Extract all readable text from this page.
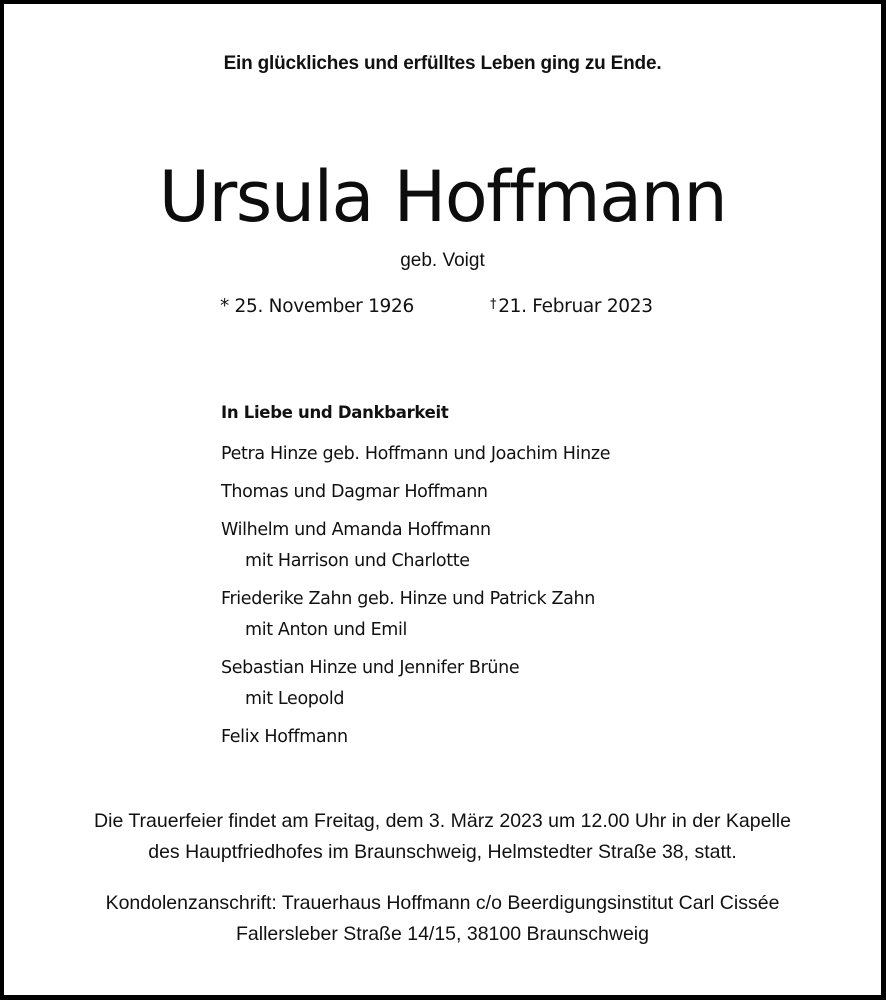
Ein glückliches und erfülltes Leben ging zu Ende.
Ursula Hoffmann
geb. Voigt
* 25. November 1926	† 21. Februar 2023
In Liebe und Dankbarkeit
Petra Hinze geb. Hoffmann und Joachim Hinze
Thomas und Dagmar Hoffmann
Wilhelm und Amanda Hoffmann
mit Harrison und Charlotte
Friederike Zahn geb. Hinze und Patrick Zahn
mit Anton und Emil
Sebastian Hinze und Jennifer Brüne
mit Leopold
Felix Hoffmann
Die Trauerfeier findet am Freitag, dem 3. März 2023 um 12.00 Uhr in der Kapelle
des Hauptfriedhofes im Braunschweig, Helmstedter Straße 38, statt.
Kondolenzanschrift: Trauerhaus Hoffmann c/o Beerdigungsinstitut Carl Cissée
Fallersleber Straße 14/15, 38100 Braunschweig
